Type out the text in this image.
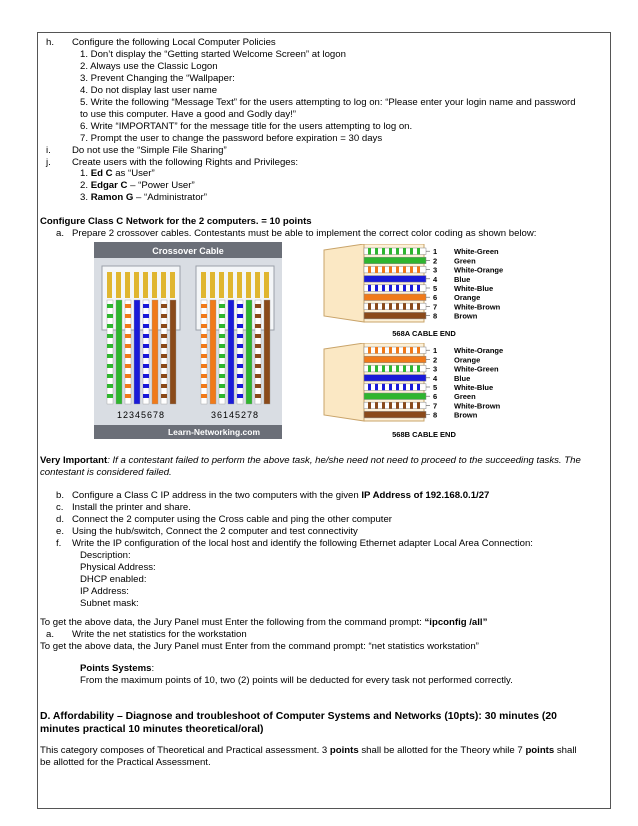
h. Configure the following Local Computer Policies
1. Don’t display the “Getting started Welcome Screen” at logon
2. Always use the Classic Logon
3. Prevent Changing the “Wallpaper:
4. Do not display last user name
5. Write the following “Message Text” for the users attempting to log on: “Please enter your login name and password
to use this computer. Have a good and Godly day!”
6. Write “IMPORTANT” for the message title for the users attempting to log on.
7. Prompt the user to change the password before expiration = 30 days
i. Do not use the “Simple File Sharing”
j. Create users with the following Rights and Privileges:
1. Ed C as “User”
2. Edgar C – “Power User”
3. Ramon G – “Administrator”
Configure Class C Network for the 2 computers. = 10 points
a. Prepare 2 crossover cables. Contestants must be able to implement the correct color coding as shown below:
Crossover Cable
12345678	36145278
Learn-Networking.com
1 White-Green
2 Green
3 White-Orange
4 Blue
5 White-Blue
6 Orange
7 White-Brown
8 Brown
568A CABLE END
1 White-Orange
2 Orange
3 White-Green
4 Blue
5 White-Blue
6 Green
7 White-Brown
8 Brown
568B CABLE END
Very Important: If a contestant failed to perform the above task, he/she need not need to proceed to the succeeding tasks. The
contestant is considered failed.
b. Configure a Class C IP address in the two computers with the given IP Address of 192.168.0.1/27
c. Install the printer and share.
d. Connect the 2 computer using the Cross cable and ping the other computer
e. Using the hub/switch, Connect the 2 computer and test connectivity
f. Write the IP configuration of the local host and identify the following Ethernet adapter Local Area Connection:
Description:
Physical Address:
DHCP enabled:
IP Address:
Subnet mask:
To get the above data, the Jury Panel must Enter the following from the command prompt: “ipconfig /all”
a. Write the net statistics for the workstation
To get the above data, the Jury Panel must Enter from the command prompt: “net statistics workstation”
Points Systems:
From the maximum points of 10, two (2) points will be deducted for every task not performed correctly.
D. Affordability – Diagnose and troubleshoot of Computer Systems and Networks (10pts): 30 minutes (20
minutes practical 10 minutes theoretical/oral)
This category composes of Theoretical and Practical assessment. 3 points shall be allotted for the Theory while 7 points shall
be allotted for the Practical Assessment.
